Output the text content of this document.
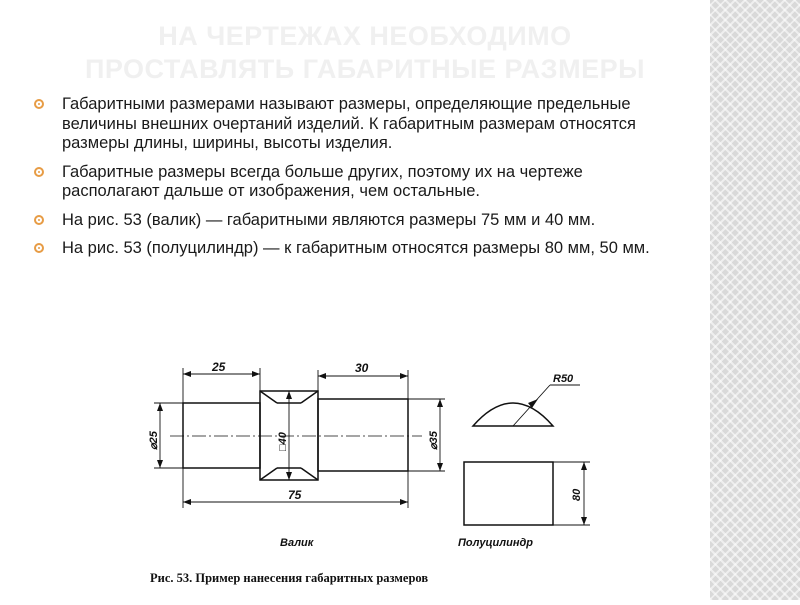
НА ЧЕРТЕЖАХ НЕОБХОДИМО
ПРОСТАВЛЯТЬ ГАБАРИТНЫЕ РАЗМЕРЫ
Габаритными размерами называют размеры, определяющие предельные величины внешних очертаний изделий. К габаритным размерам относятся размеры длины, ширины, высоты изделия.
Габаритные размеры всегда больше других, поэтому их на чертеже располагают дальше от изображения, чем остальные.
На рис. 53 (валик) — габаритными являются размеры 75 мм и 40 мм.
На рис. 53 (полуцилиндр) — к габаритным относятся размеры 80 мм, 50 мм.
25	30
75
⌀25	□40	⌀35
R50
80
Валик	Полуцилиндр
Рис. 53. Пример нанесения габаритных размеров
